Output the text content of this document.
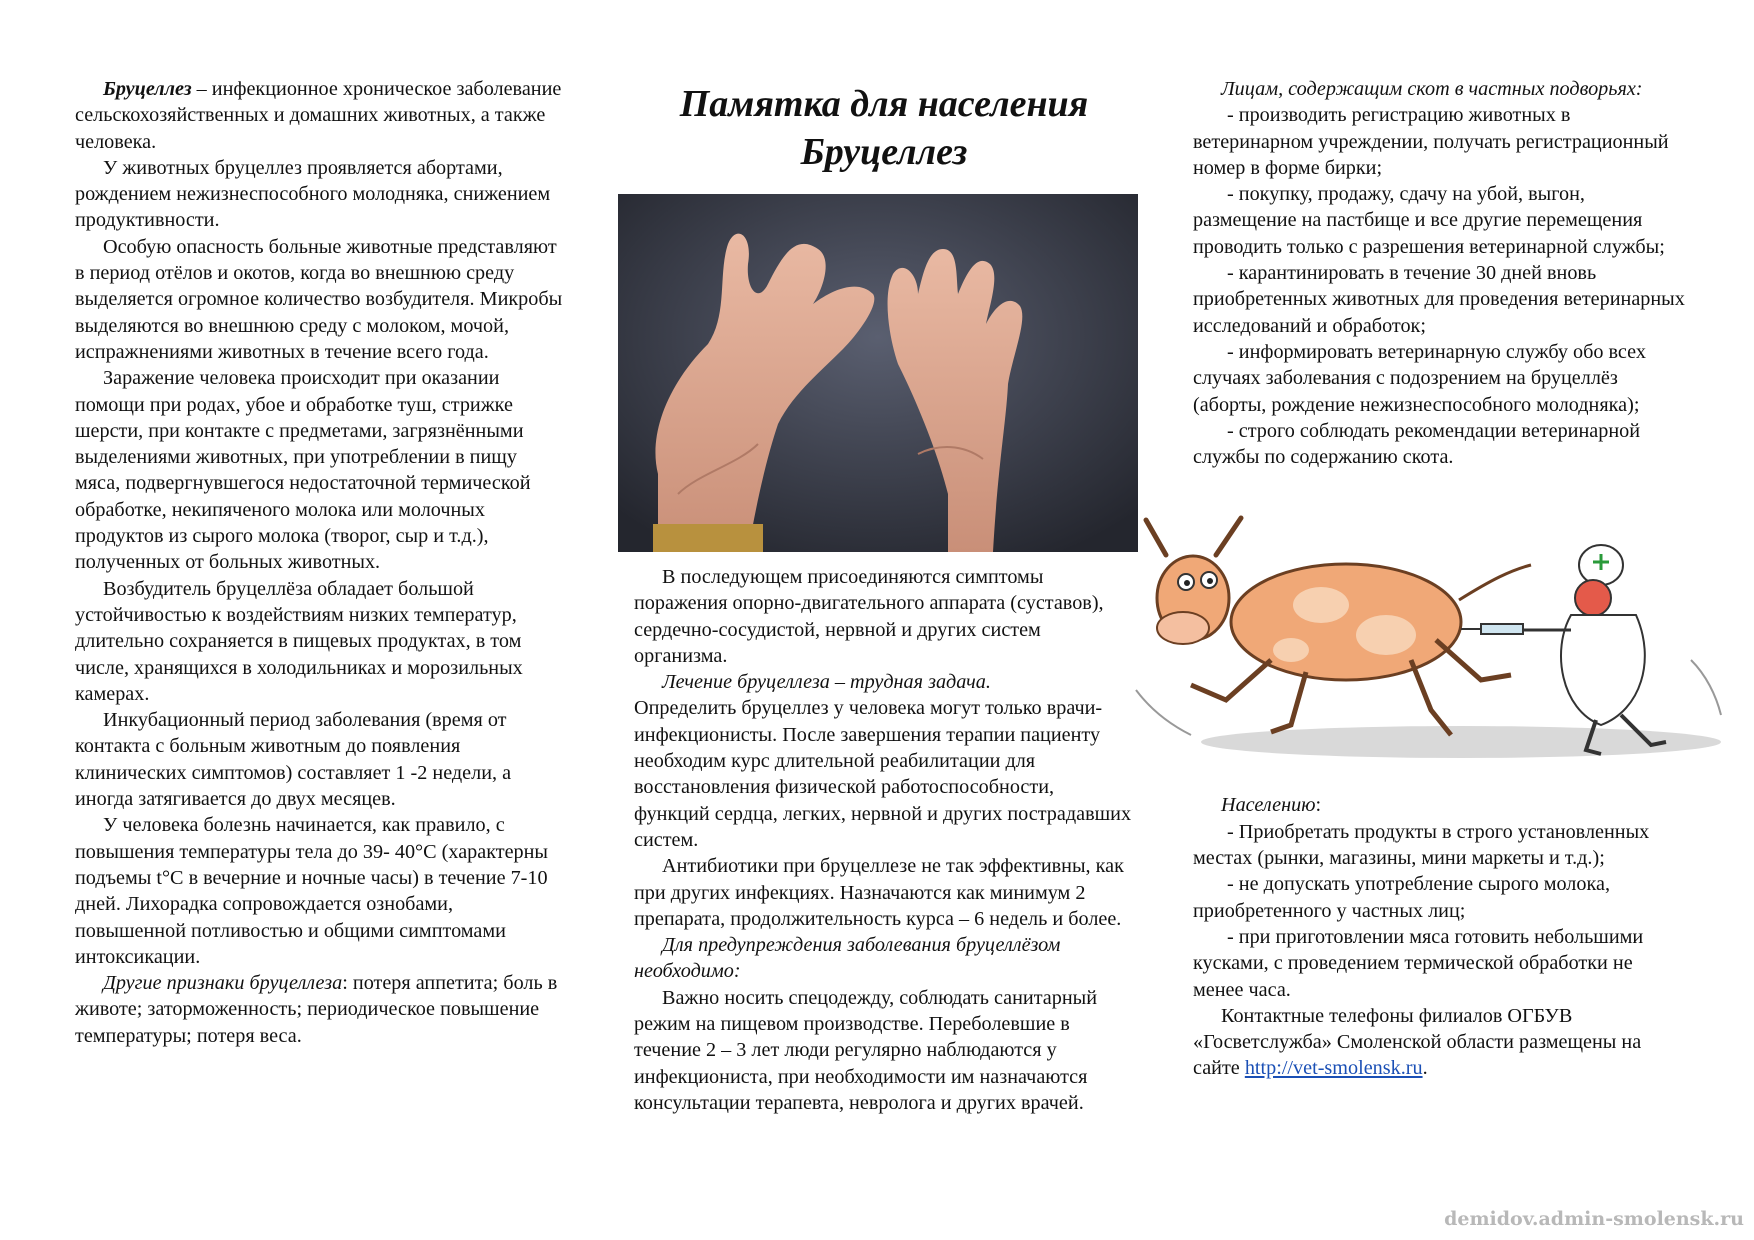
Бруцеллез – инфекционное хроническое заболевание сельскохозяйственных и домашних животных, а также человека.

У животных бруцеллез проявляется абортами, рождением нежизнеспособного молодняка, снижением продуктивности.

Особую опасность больные животные представляют в период отёлов и окотов, когда во внешнюю среду выделяется огромное количество возбудителя. Микробы выделяются во внешнюю среду с молоком, мочой, испражнениями животных в течение всего года.

Заражение человека происходит при оказании помощи при родах, убое и обработке туш, стрижке шерсти, при контакте с предметами, загрязнёнными выделениями животных, при употреблении в пищу мяса, подвергнувшегося недостаточной термической обработке, некипяченого молока или молочных продуктов из сырого молока (творог, сыр и т.д.), полученных от больных животных.

Возбудитель бруцеллёза обладает большой устойчивостью к воздействиям низких температур, длительно сохраняется в пищевых продуктах, в том числе, хранящихся в холодильниках и морозильных камерах.

Инкубационный период заболевания (время от контакта с больным животным до появления клинических симптомов) составляет 1 -2 недели, а иногда затягивается до двух месяцев.

У человека болезнь начинается, как правило, с повышения температуры тела до 39- 40°С (характерны подъемы t°С в вечерние и ночные часы) в течение 7-10 дней. Лихорадка сопровождается ознобами, повышенной потливостью и общими симптомами интоксикации.

Другие признаки бруцеллеза: потеря аппетита; боль в животе; заторможенность; периодическое повышение температуры; потеря веса.

Памятка для населения
Бруцеллез

В последующем присоединяются симптомы поражения опорно-двигательного аппарата (суставов), сердечно-сосудистой, нервной и других систем организма.

Лечение бруцеллеза – трудная задача.

Определить бруцеллез у человека могут только врачи-инфекционисты. После завершения терапии пациенту необходим курс длительной реабилитации для восстановления физической работоспособности, функций сердца, легких, нервной и других пострадавших систем.

Антибиотики при бруцеллезе не так эффективны, как при других инфекциях. Назначаются как минимум 2 препарата, продолжительность курса – 6 недель и более.

Для предупреждения заболевания бруцеллёзом необходимо:

Важно носить спецодежду, соблюдать санитарный режим на пищевом производстве. Переболевшие в течение 2 – 3 лет люди регулярно наблюдаются у инфекциониста, при необходимости им назначаются консультации терапевта, невролога и других врачей.

Лицам, содержащим скот в частных подворьях:

- производить регистрацию животных в ветеринарном учреждении, получать регистрационный номер в форме бирки;

- покупку, продажу, сдачу на убой, выгон, размещение на пастбище и все другие перемещения проводить только с разрешения ветеринарной службы;

- карантинировать в течение 30 дней вновь приобретенных животных для проведения ветеринарных исследований и обработок;

- информировать ветеринарную службу обо всех случаях заболевания с подозрением на бруцеллёз (аборты, рождение нежизнеспособного молодняка);

- строго соблюдать рекомендации ветеринарной службы по содержанию скота.

Населению:

- Приобретать продукты в строго установленных местах (рынки, магазины, мини маркеты и т.д.);

- не допускать употребление сырого молока, приобретенного у частных лиц;

- при приготовлении мяса готовить небольшими кусками, с проведением термической обработки не менее часа.

Контактные телефоны филиалов ОГБУВ «Госветслужба» Смоленской области размещены на сайте http://vet-smolensk.ru.

demidov.admin-smolensk.ru
